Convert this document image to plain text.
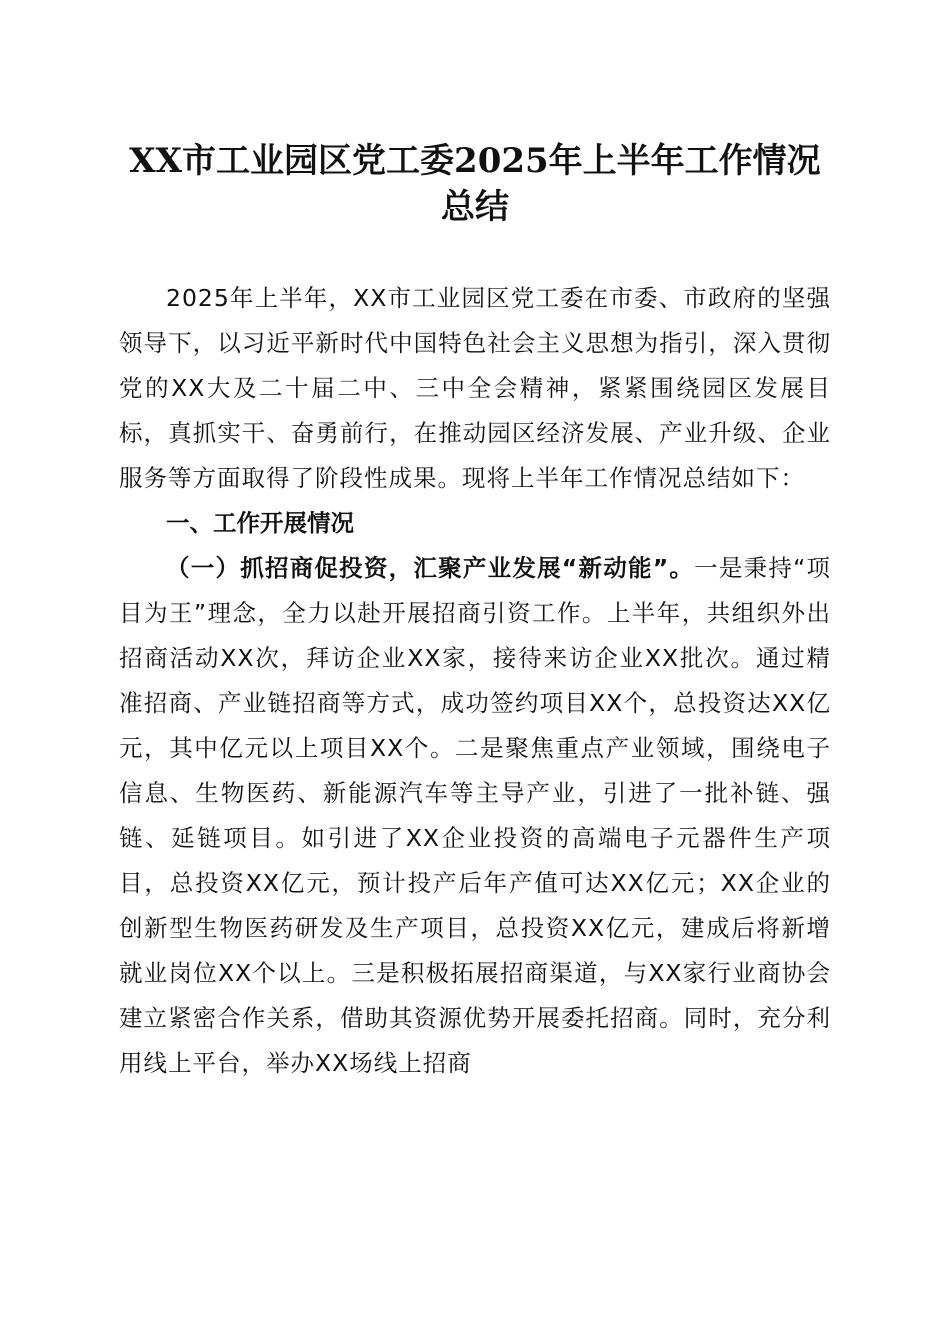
XX市工业园区党工委2025年上半年工作情况
总结

2025年上半年，XX市工业园区党工委在市委、市政府的坚强领导下，以习近平新时代中国特色社会主义思想为指引，深入贯彻党的XX大及二十届二中、三中全会精神，紧紧围绕园区发展目标，真抓实干、奋勇前行，在推动园区经济发展、产业升级、企业服务等方面取得了阶段性成果。现将上半年工作情况总结如下：

一、工作开展情况

（一）抓招商促投资，汇聚产业发展“新动能”。一是秉持“项目为王”理念，全力以赴开展招商引资工作。上半年，共组织外出招商活动XX次，拜访企业XX家，接待来访企业XX批次。通过精准招商、产业链招商等方式，成功签约项目XX个，总投资达XX亿元，其中亿元以上项目XX个。二是聚焦重点产业领域，围绕电子信息、生物医药、新能源汽车等主导产业，引进了一批补链、强链、延链项目。如引进了XX企业投资的高端电子元器件生产项目，总投资XX亿元，预计投产后年产值可达XX亿元；XX企业的创新型生物医药研发及生产项目，总投资XX亿元，建成后将新增就业岗位XX个以上。三是积极拓展招商渠道，与XX家行业商协会建立紧密合作关系，借助其资源优势开展委托招商。同时，充分利用线上平台，举办XX场线上招商
